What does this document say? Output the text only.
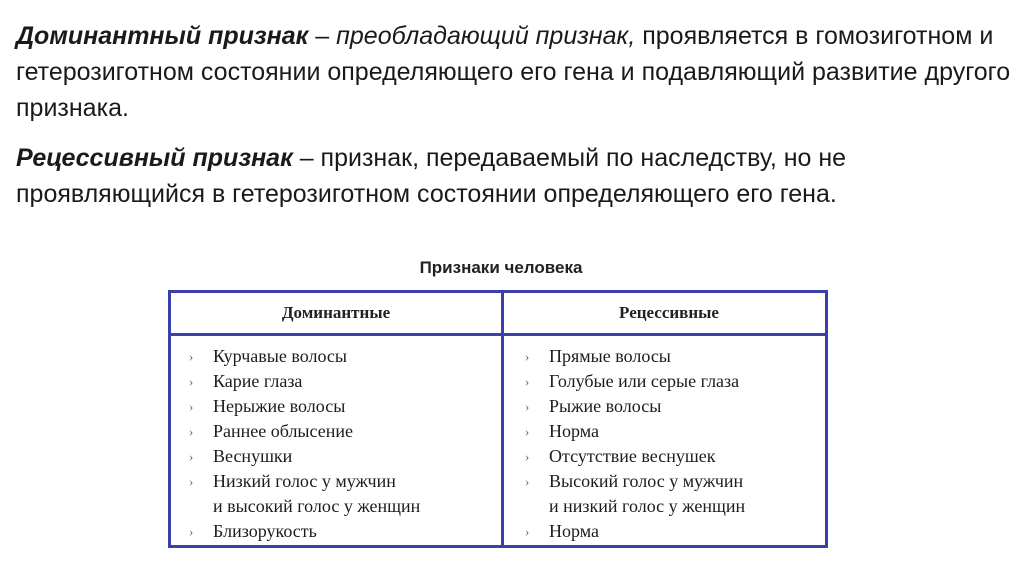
Доминантный признак – преобладающий признак, проявляется в гомозиготном и гетерозиготном состоянии определяющего его гена и подавляющий развитие другого признака.

Рецессивный признак – признак, передаваемый по наследству, но не проявляющийся в гетерозиготном состоянии определяющего его гена.

Признаки человека
Доминантные	Рецессивные
› Курчавые волосы
› Карие глаза
› Нерыжие волосы
› Раннее облысение
› Веснушки
› Низкий голос у мужчин
и высокий голос у женщин
› Близорукость
› Прямые волосы
› Голубые или серые глаза
› Рыжие волосы
› Норма
› Отсутствие веснушек
› Высокий голос у мужчин
и низкий голос у женщин
› Норма
